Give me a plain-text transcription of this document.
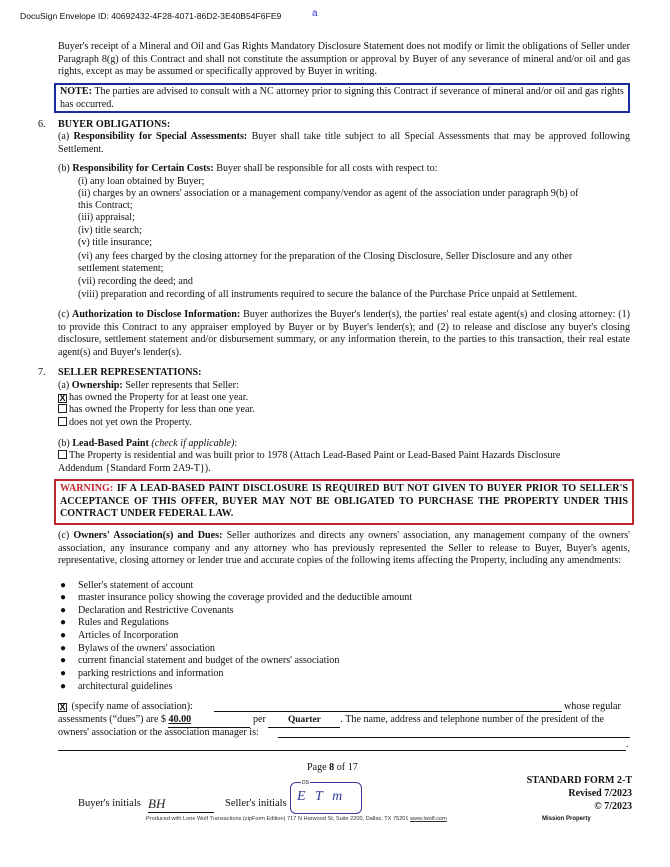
DocuSign Envelope ID: 40692432-4F28-4071-86D2-3E40B54F6FE9	a
Buyer's receipt of a Mineral and Oil and Gas Rights Mandatory Disclosure Statement does not modify or limit the obligations of Seller under Paragraph 8(g) of this Contract and shall not constitute the assumption or approval by Buyer of any severance of mineral and/or oil and gas rights, except as may be assumed or specifically approved by Buyer in writing.
NOTE: The parties are advised to consult with a NC attorney prior to signing this Contract if severance of mineral and/or oil and gas rights has occurred.
6. BUYER OBLIGATIONS:
(a) Responsibility for Special Assessments: Buyer shall take title subject to all Special Assessments that may be approved following Settlement.
(b) Responsibility for Certain Costs: Buyer shall be responsible for all costs with respect to:
(i) any loan obtained by Buyer;
(ii) charges by an owners' association or a management company/vendor as agent of the association under paragraph 9(b) of
this Contract;
(iii) appraisal;
(iv) title search;
(v) title insurance;
(vi) any fees charged by the closing attorney for the preparation of the Closing Disclosure, Seller Disclosure and any other
settlement statement;
(vii) recording the deed; and
(viii) preparation and recording of all instruments required to secure the balance of the Purchase Price unpaid at Settlement.
(c) Authorization to Disclose Information: Buyer authorizes the Buyer's lender(s), the parties' real estate agent(s) and closing attorney: (1) to provide this Contract to any appraiser employed by Buyer or by Buyer's lender(s); and (2) to release and disclose any buyer's closing disclosure, settlement statement and/or disbursement summary, or any information therein, to the parties to this transaction, their real estate agent(s) and Buyer's lender(s).
7. SELLER REPRESENTATIONS:
(a) Ownership: Seller represents that Seller:
X has owned the Property for at least one year.
has owned the Property for less than one year.
does not yet own the Property.
(b) Lead-Based Paint (check if applicable):
The Property is residential and was built prior to 1978 (Attach Lead-Based Paint or Lead-Based Paint Hazards Disclosure
Addendum {Standard Form 2A9-T}).
WARNING: IF A LEAD-BASED PAINT DISCLOSURE IS REQUIRED BUT NOT GIVEN TO BUYER PRIOR TO SELLER'S ACCEPTANCE OF THIS OFFER, BUYER MAY NOT BE OBLIGATED TO PURCHASE THE PROPERTY UNDER THIS CONTRACT UNDER FEDERAL LAW.
(c) Owners' Association(s) and Dues: Seller authorizes and directs any owners' association, any management company of the owners' association, any insurance company and any attorney who has previously represented the Seller to release to Buyer, Buyer's agents, representative, closing attorney or lender true and accurate copies of the following items affecting the Property, including any amendments:
● Seller's statement of account
● master insurance policy showing the coverage provided and the deductible amount
● Declaration and Restrictive Covenants
● Rules and Regulations
● Articles of Incorporation
● Bylaws of the owners' association
● current financial statement and budget of the owners' association
● parking restrictions and information
● architectural guidelines
X (specify name of association):	whose regular
assessments (“dues”) are $ 40.00	per Quarter . The name, address and telephone number of the president of the
owners' association or the association manager is:
.
Page 8 of 17
STANDARD FORM 2-T
Revised 7/2023
© 7/2023
Buyer's initials BH	Seller's initials
DS
E T m
Produced with Lone Wolf Transactions (zipForm Edition) 717 N Harwood St, Suite 2200, Dallas, TX 75201 www.lwolf.com	Mission Property
